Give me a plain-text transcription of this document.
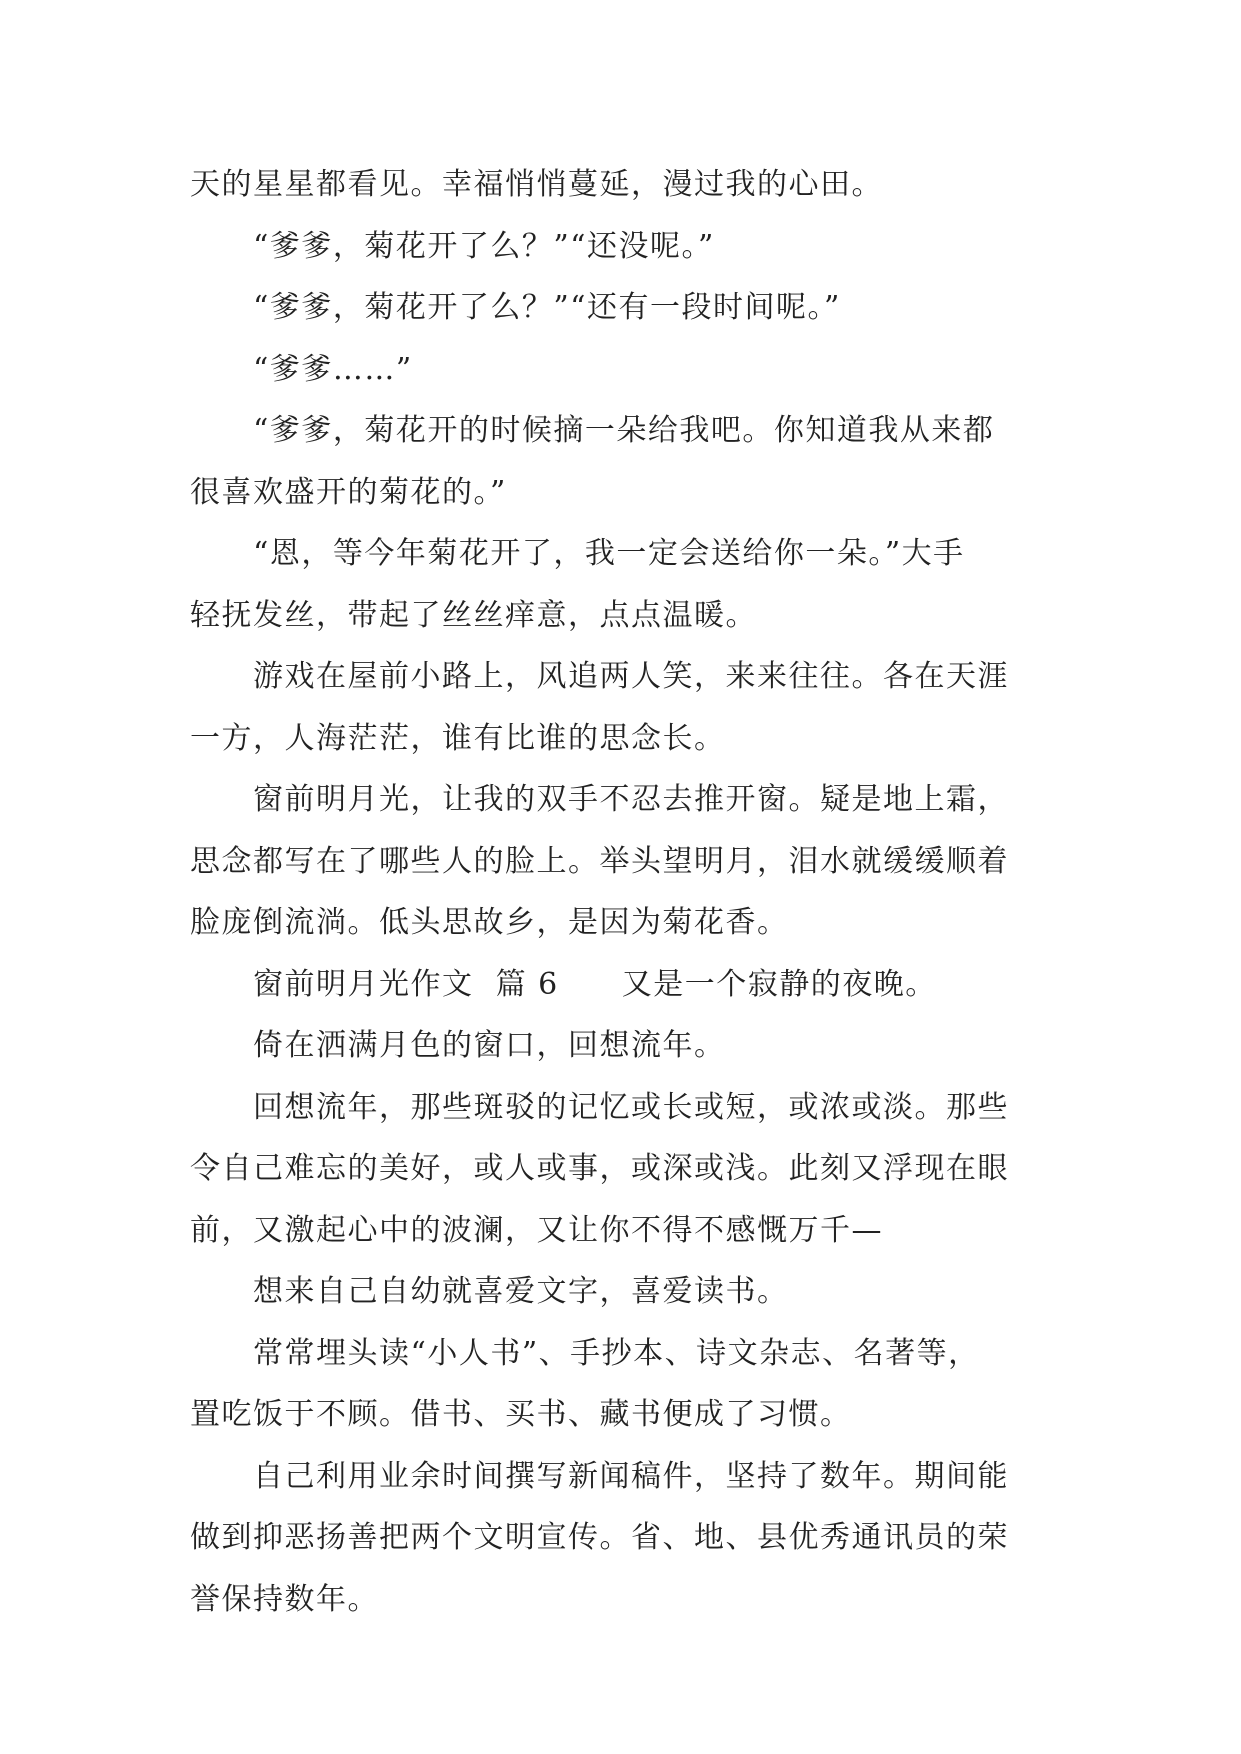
天的星星都看见。幸福悄悄蔓延，漫过我的心田。
　　“爹爹，菊花开了么？”“还没呢。”
　　“爹爹，菊花开了么？”“还有一段时间呢。”
　　“爹爹……”
　　“爹爹，菊花开的时候摘一朵给我吧。你知道我从来都
很喜欢盛开的菊花的。”
　　“恩，等今年菊花开了，我一定会送给你一朵。”大手
轻抚发丝，带起了丝丝痒意，点点温暖。
　　游戏在屋前小路上，风追两人笑，来来往往。各在天涯
一方，人海茫茫，谁有比谁的思念长。
　　窗前明月光，让我的双手不忍去推开窗。疑是地上霜，
思念都写在了哪些人的脸上。举头望明月，泪水就缓缓顺着
脸庞倒流淌。低头思故乡，是因为菊花香。
　　窗前明月光作文  篇 6　　又是一个寂静的夜晚。
　　倚在洒满月色的窗口，回想流年。
　　回想流年，那些斑驳的记忆或长或短，或浓或淡。那些
令自己难忘的美好，或人或事，或深或浅。此刻又浮现在眼
前，又激起心中的波澜，又让你不得不感慨万千—
　　想来自己自幼就喜爱文字，喜爱读书。
　　常常埋头读“小人书”、手抄本、诗文杂志、名著等，
置吃饭于不顾。借书、买书、藏书便成了习惯。
　　自己利用业余时间撰写新闻稿件，坚持了数年。期间能
做到抑恶扬善把两个文明宣传。省、地、县优秀通讯员的荣
誉保持数年。
